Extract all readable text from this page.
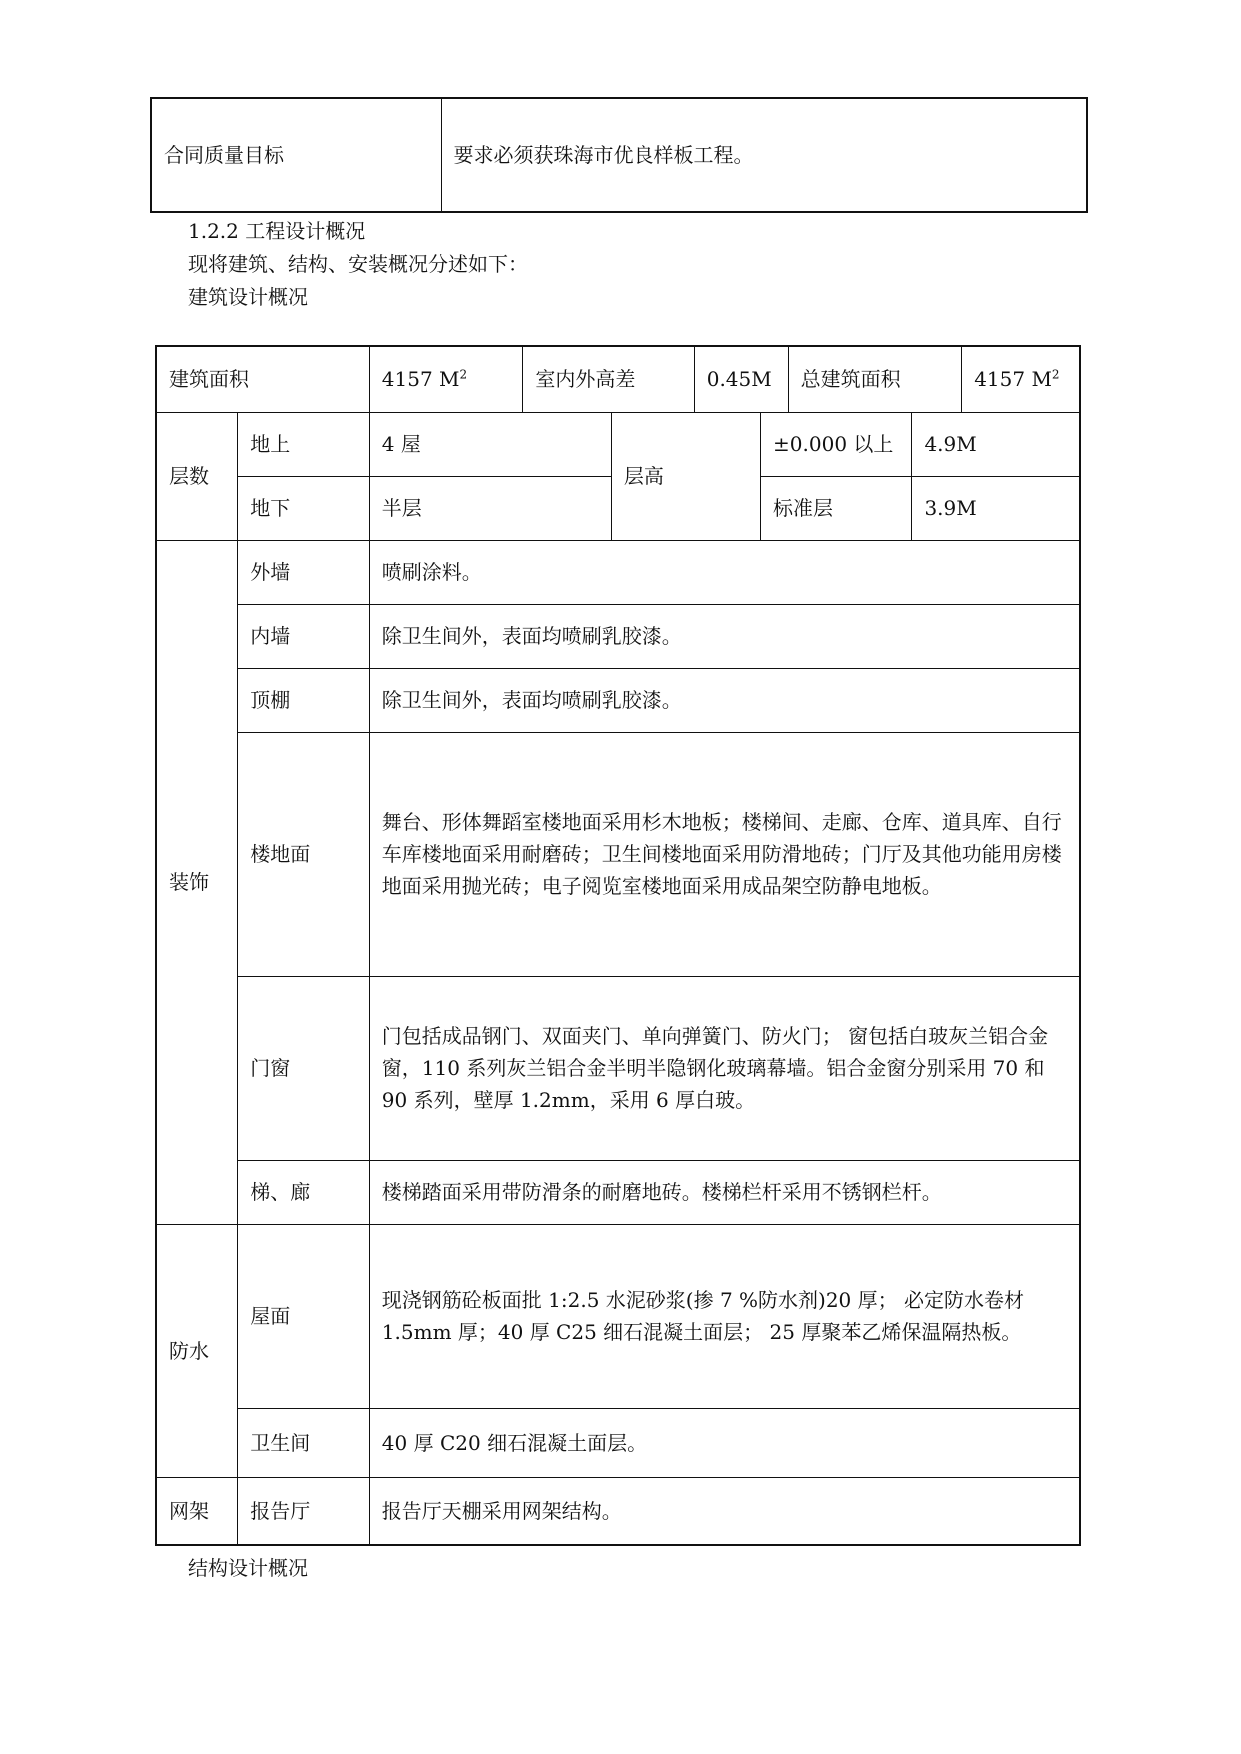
合同质量目标	要求必须获珠海市优良样板工程。
1.2.2 工程设计概况
现将建筑、结构、安装概况分述如下：
建筑设计概况
建筑面积		4157 $M^2$	室内外高差		0.45M		总建筑面积		4157 $M^2$
层数	地上	4 屋		层高		±0.000 以上		4.9M	
	地下	半层				标准层		3.9M	
装饰	外墙	喷刷涂料。							
	内墙	除卫生间外，表面均喷刷乳胶漆。							
	顶棚	除卫生间外，表面均喷刷乳胶漆。							
	楼地面	舞台、形体舞蹈室楼地面采用杉木地板；楼梯间、走廊、仓库、道具库、自行车库楼地面采用耐磨砖；卫生间楼地面采用防滑地砖；门厅及其他功能用房楼地面采用抛光砖；电子阅览室楼地面采用成品架空防静电地板。							
	门窗	门包括成品钢门、双面夹门、单向弹簧门、防火门； 窗包括白玻灰兰铝合金窗，110 系列灰兰铝合金半明半隐钢化玻璃幕墙。铝合金窗分别采用 70 和 90 系列，壁厚 1.2mm，采用 6 厚白玻。							
	梯、廊	楼梯踏面采用带防滑条的耐磨地砖。楼梯栏杆采用不锈钢栏杆。							
防水	屋面	现浇钢筋砼板面批 1:2.5 水泥砂浆(掺 7 %防水剂)20 厚； 必定防水卷材 1.5mm 厚；40 厚 C25 细石混凝土面层； 25 厚聚苯乙烯保温隔热板。							
	卫生间	40 厚 C20 细石混凝土面层。							
网架	报告厅	报告厅天棚采用网架结构。							
结构设计概况
